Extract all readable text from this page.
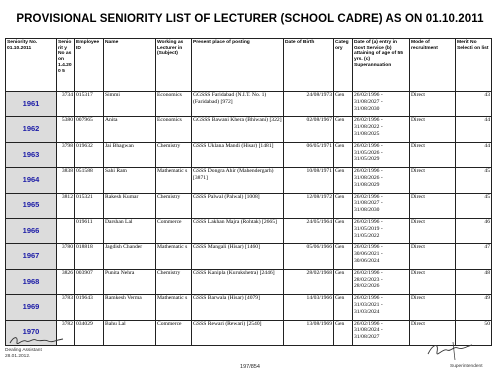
PROVISIONAL SENIORITY LIST OF LECTURER (SCHOOL CADRE) AS ON 01.10.2011
Seniority No. 01.10.2011	Seniorit y No as on 1.4.200 5	Employee ID	Name	Working as Lecturer in (Subject)	Present place of posting	Date of Birth	Category	Date of (a) entry in Govt Service (b) attaining of age of 55 yrs. (c) Superannuation	Mode of recruitment	Merit No Selecti on list
1961	3734	015317	Simmi	Economics	GGSSS Faridabad (N.I.T. No. 1) (Faridabad) [972]	24/08/1973	Gen	26/02/1996 - 31/08/2027 - 31/08/2030	Direct	43
1962	5380	007965	Anita	Economics	GGSSS Bawani Khera (Bhiwani) [322]	02/08/1967	Gen	26/02/1996 - 31/08/2022 - 31/08/2025	Direct	44
1963	3798	019632	Jai Bhagwan	Chemistry	GSSS Uklana Mandi (Hisar) [1481]	06/05/1971	Gen	26/02/1996 - 31/05/2026 - 31/05/2029	Direct	44
1964	3838	051588	Sahi Ram	Mathematic s	GSSS Dongra Ahir (Mahendergarh) [3871]	10/08/1971	Gen	26/02/1996 - 31/08/2026 - 31/08/2029	Direct	45
1965	3812	015321	Rakesh Kumar	Chemistry	GSSS Palwal (Palwal) [1008]	12/08/1972	Gen	26/02/1996 - 31/08/2027 - 31/08/2030	Direct	45
1966		019611	Darshan Lal	Commerce	GSSS Lakhan Majra (Rohtak) [2665]	24/05/1964	Gen	26/02/1996 - 31/05/2019 - 31/05/2022	Direct	46
1967	3780	018818	Jagdish Chander	Mathematic s	GSSS Mangali (Hisar) [1460]	05/06/1966	Gen	26/02/1996 - 30/06/2021 - 30/06/2024	Direct	47
1968	3826	003907	Punita Nehra	Chemistry	GSSS Kanipla (Kurukshetra) [2446]	28/02/1968	Gen	26/02/1996 - 28/02/2023 - 28/02/2026	Direct	48
1969	3783	019643	Ramkesh Verma	Mathematic s	GSSS Barwala (Hisar) [4079]	14/03/1966	Gen	26/02/1996 - 31/03/2021 - 31/03/2024	Direct	49
1970	3782	034029	Bahu Lal	Commerce	GSSS Rewari (Rewari) [2540]	13/08/1969	Gen	26/02/1996 - 31/08/2024 - 31/08/2027	Direct	50
Dealing Assistant
28.01.2012.
197/854	Superintendent
